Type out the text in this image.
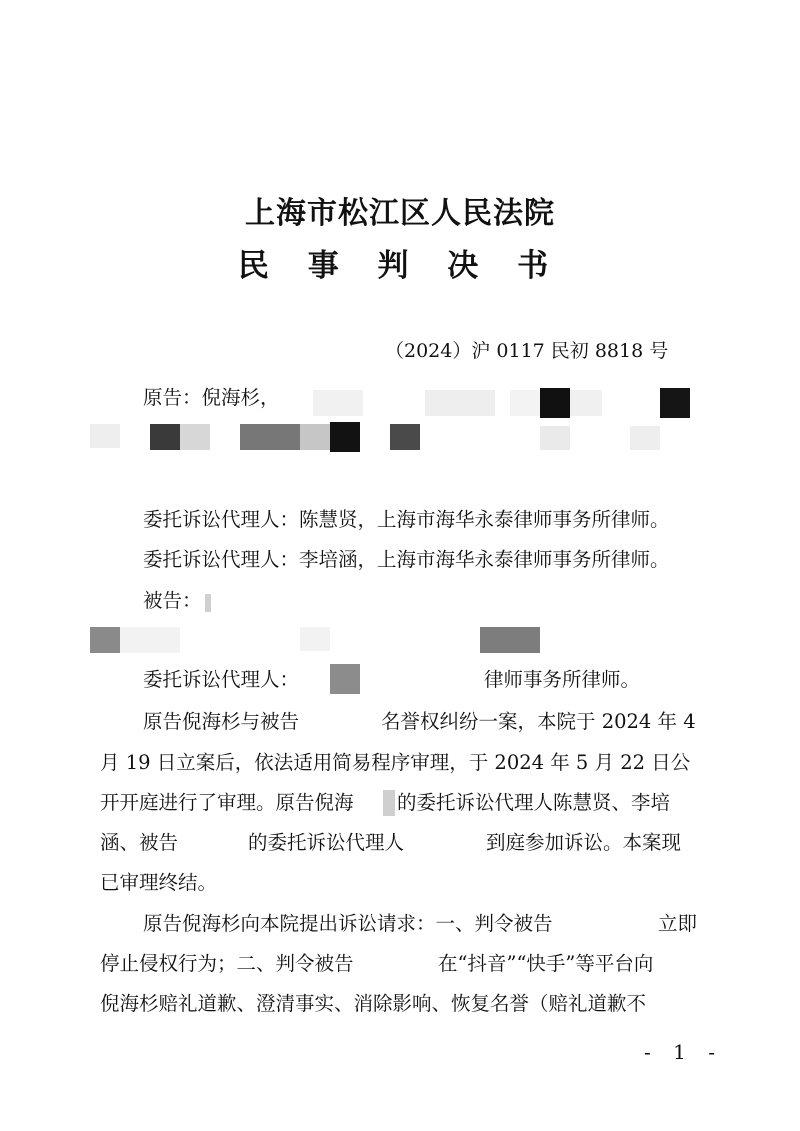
上海市松江区人民法院
民 事 判 决 书
（2024）沪 0117 民初 8818 号
原告：倪海杉，
委托诉讼代理人：陈慧贤，上海市海华永泰律师事务所律师。
委托诉讼代理人：李培涵，上海市海华永泰律师事务所律师。
被告：
委托诉讼代理人：	律师事务所律师。
原告倪海杉与被告	名誉权纠纷一案，本院于 2024 年 4
月 19 日立案后，依法适用简易程序审理，于 2024 年 5 月 22 日公
开开庭进行了审理。原告倪海 的委托诉讼代理人陈慧贤、李培
涵、被告	的委托诉讼代理人	到庭参加诉讼。本案现
已审理终结。
原告倪海杉向本院提出诉讼请求：一、判令被告	立即
停止侵权行为；二、判令被告	在“抖音”“快手”等平台向
倪海杉赔礼道歉、澄清事实、消除影响、恢复名誉（赔礼道歉不
- 1 -
